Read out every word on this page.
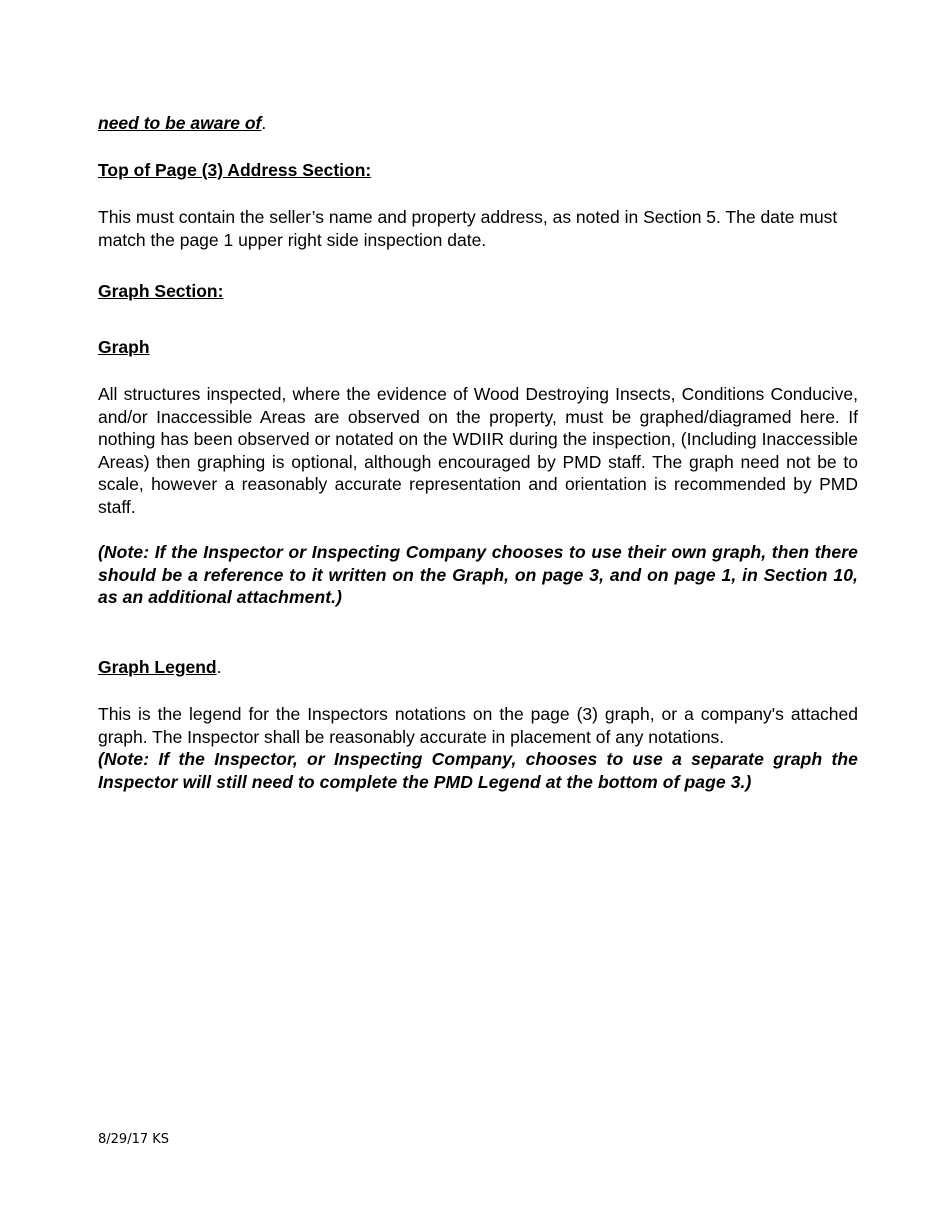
need to be aware of.

Top of Page (3) Address Section:

This must contain the seller’s name and property address, as noted in Section 5. The date must match the page 1 upper right side inspection date.

Graph Section:

Graph

All structures inspected, where the evidence of Wood Destroying Insects, Conditions Conducive, and/or Inaccessible Areas are observed on the property, must be graphed/diagramed here. If nothing has been observed or notated on the WDIIR during the inspection, (Including Inaccessible Areas) then graphing is optional, although encouraged by PMD staff. The graph need not be to scale, however a reasonably accurate representation and orientation is recommended by PMD staff.

(Note: If the Inspector or Inspecting Company chooses to use their own graph, then there should be a reference to it written on the Graph, on page 3, and on page 1, in Section 10, as an additional attachment.)

Graph Legend.

This is the legend for the Inspectors notations on the page (3) graph, or a company's attached graph. The Inspector shall be reasonably accurate in placement of any notations.

(Note: If the Inspector, or Inspecting Company, chooses to use a separate graph the Inspector will still need to complete the PMD Legend at the bottom of page 3.)

8/29/17 KS
